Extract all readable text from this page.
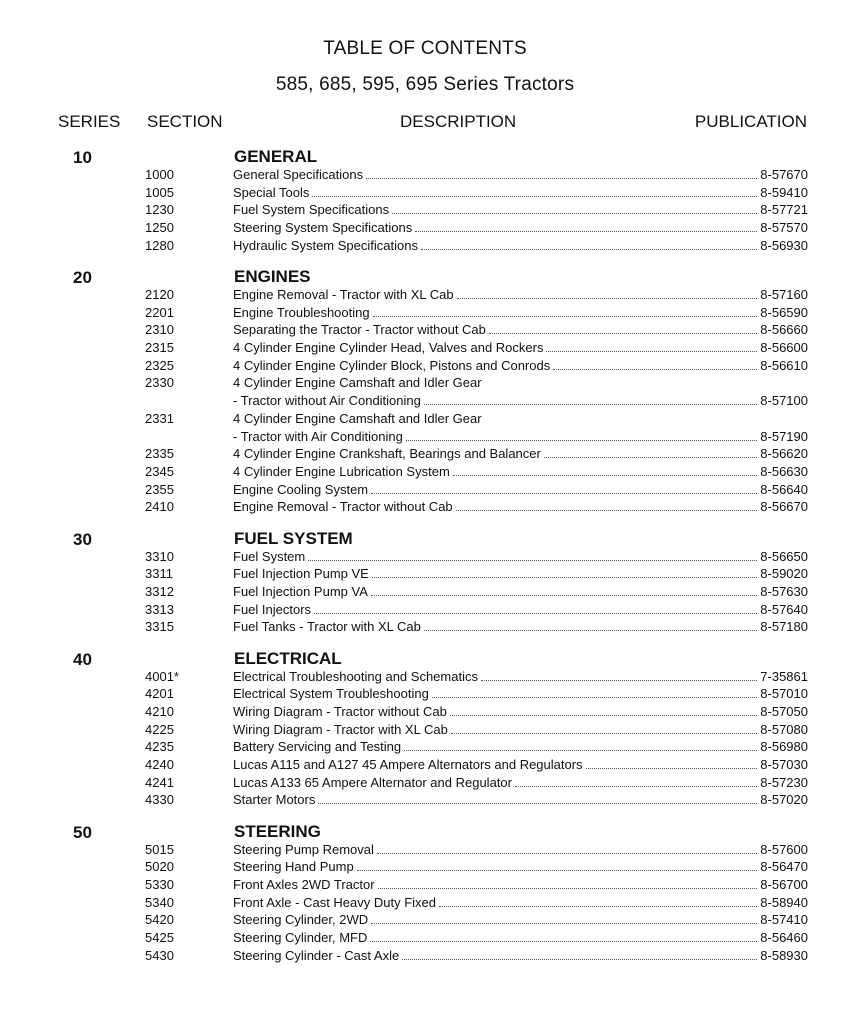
TABLE OF CONTENTS
585, 685, 595, 695 Series Tractors
SERIES SECTION	DESCRIPTION	PUBLICATION
10	GENERAL
1000	General Specifications	8-57670
1005	Special Tools	8-59410
1230	Fuel System Specifications	8-57721
1250	Steering System Specifications	8-57570
1280	Hydraulic System Specifications	8-56930
20	ENGINES
2120	Engine Removal - Tractor with XL Cab	8-57160
2201	Engine Troubleshooting	8-56590
2310	Separating the Tractor - Tractor without Cab	8-56660
2315	4 Cylinder Engine Cylinder Head, Valves and Rockers	8-56600
2325	4 Cylinder Engine Cylinder Block, Pistons and Conrods	8-56610
2330	4 Cylinder Engine Camshaft and Idler Gear
- Tractor without Air Conditioning	8-57100
2331	4 Cylinder Engine Camshaft and Idler Gear
- Tractor with Air Conditioning	8-57190
2335	4 Cylinder Engine Crankshaft, Bearings and Balancer	8-56620
2345	4 Cylinder Engine Lubrication System	8-56630
2355	Engine Cooling System	8-56640
2410	Engine Removal - Tractor without Cab	8-56670
30	FUEL SYSTEM
3310	Fuel System	8-56650
3311	Fuel Injection Pump VE	8-59020
3312	Fuel Injection Pump VA	8-57630
3313	Fuel Injectors	8-57640
3315	Fuel Tanks - Tractor with XL Cab	8-57180
40	ELECTRICAL
4001*	Electrical Troubleshooting and Schematics	7-35861
4201	Electrical System Troubleshooting	8-57010
4210	Wiring Diagram - Tractor without Cab	8-57050
4225	Wiring Diagram - Tractor with XL Cab	8-57080
4235	Battery Servicing and Testing	8-56980
4240	Lucas A115 and A127 45 Ampere Alternators and Regulators	8-57030
4241	Lucas A133 65 Ampere Alternator and Regulator	8-57230
4330	Starter Motors	8-57020
50	STEERING
5015	Steering Pump Removal	8-57600
5020	Steering Hand Pump	8-56470
5330	Front Axles 2WD Tractor	8-56700
5340	Front Axle - Cast Heavy Duty Fixed	8-58940
5420	Steering Cylinder, 2WD	8-57410
5425	Steering Cylinder, MFD	8-56460
5430	Steering Cylinder - Cast Axle	8-58930
